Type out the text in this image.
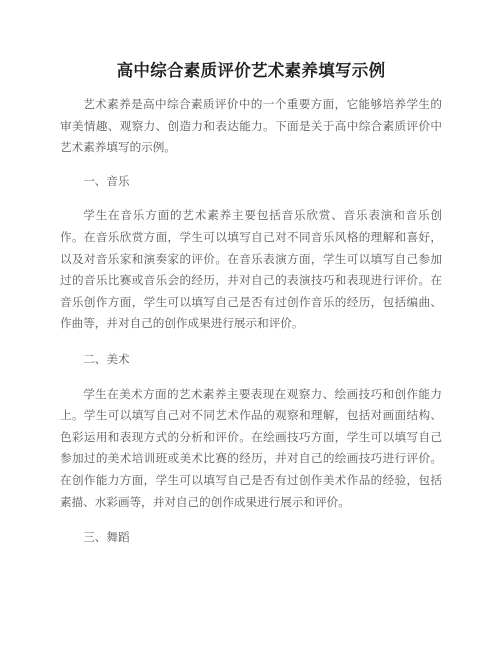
高中综合素质评价艺术素养填写示例

艺术素养是高中综合素质评价中的一个重要方面，它能够培养学生的审美情趣、观察力、创造力和表达能力。下面是关于高中综合素质评价中艺术素养填写的示例。

一、音乐

学生在音乐方面的艺术素养主要包括音乐欣赏、音乐表演和音乐创作。在音乐欣赏方面，学生可以填写自己对不同音乐风格的理解和喜好，以及对音乐家和演奏家的评价。在音乐表演方面，学生可以填写自己参加过的音乐比赛或音乐会的经历，并对自己的表演技巧和表现进行评价。在音乐创作方面，学生可以填写自己是否有过创作音乐的经历，包括编曲、作曲等，并对自己的创作成果进行展示和评价。

二、美术

学生在美术方面的艺术素养主要表现在观察力、绘画技巧和创作能力上。学生可以填写自己对不同艺术作品的观察和理解，包括对画面结构、色彩运用和表现方式的分析和评价。在绘画技巧方面，学生可以填写自己参加过的美术培训班或美术比赛的经历，并对自己的绘画技巧进行评价。在创作能力方面，学生可以填写自己是否有过创作美术作品的经验，包括素描、水彩画等，并对自己的创作成果进行展示和评价。

三、舞蹈
